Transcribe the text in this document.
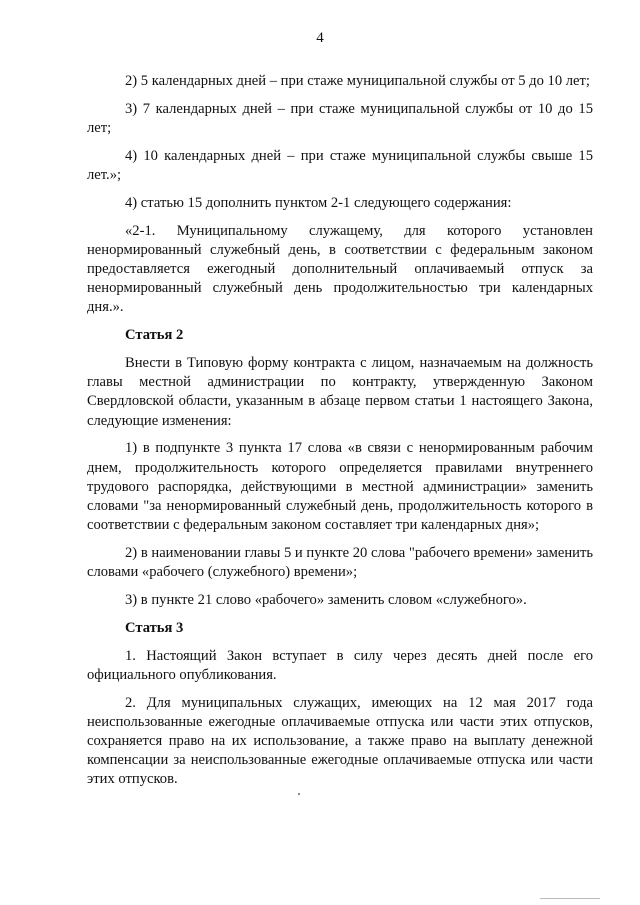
4

2) 5 календарных дней – при стаже муниципальной службы от 5 до 10 лет;

3) 7 календарных дней – при стаже муниципальной службы от 10 до 15 лет;

4) 10 календарных дней – при стаже муниципальной службы свыше 15 лет.»;

4) статью 15 дополнить пунктом 2-1 следующего содержания:

«2-1. Муниципальному служащему, для которого установлен ненормированный служебный день, в соответствии с федеральным законом предоставляется ежегодный дополнительный оплачиваемый отпуск за ненормированный служебный день продолжительностью три календарных дня.».

Статья 2

Внести в Типовую форму контракта с лицом, назначаемым на должность главы местной администрации по контракту, утвержденную Законом Свердловской области, указанным в абзаце первом статьи 1 настоящего Закона, следующие изменения:

1) в подпункте 3 пункта 17 слова «в связи с ненормированным рабочим днем, продолжительность которого определяется правилами внутреннего трудового распорядка, действующими в местной администрации» заменить словами "за ненормированный служебный день, продолжительность которого в соответствии с федеральным законом составляет три календарных дня»;

2) в наименовании главы 5 и пункте 20 слова "рабочего времени» заменить словами «рабочего (служебного) времени»;

3) в пункте 21 слово «рабочего» заменить словом «служебного».

Статья 3

1. Настоящий Закон вступает в силу через десять дней после его официального опубликования.

2. Для муниципальных служащих, имеющих на 12 мая 2017 года неиспользованные ежегодные оплачиваемые отпуска или части этих отпусков, сохраняется право на их использование, а также право на выплату денежной компенсации за неиспользованные ежегодные оплачиваемые отпуска или части этих отпусков.
